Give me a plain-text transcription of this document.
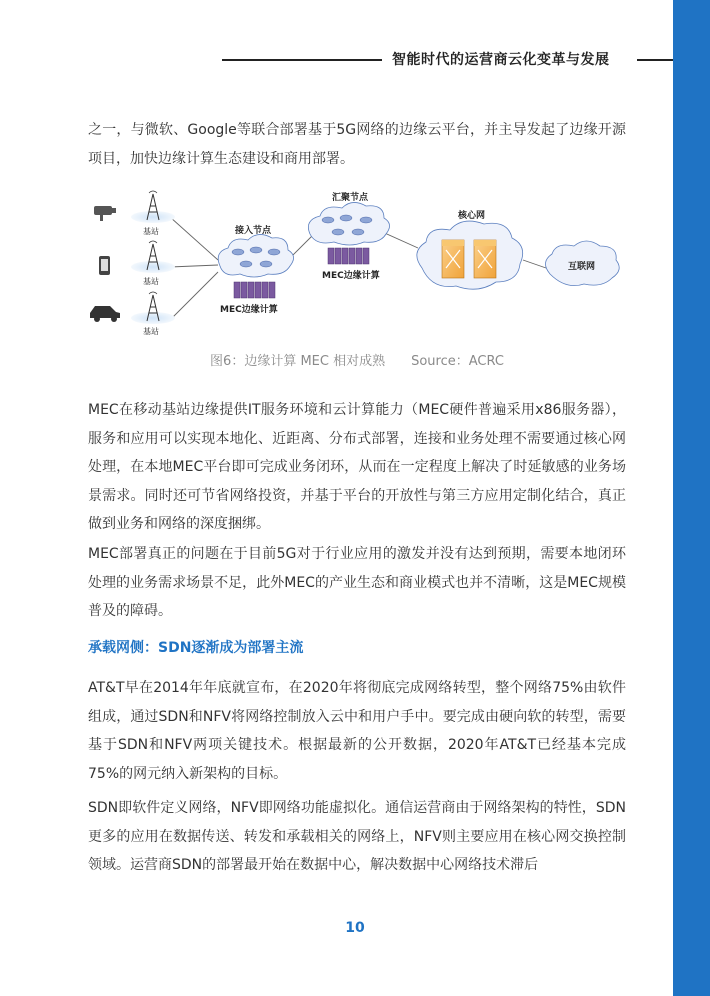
智能时代的运营商云化变革与发展

之一，与微软、Google等联合部署基于5G网络的边缘云平台，并主导发起了边缘开源项目，加快边缘计算生态建设和商用部署。

基站
基站
基站
接入节点
MEC边缘计算
汇聚节点
MEC边缘计算
核心网
互联网
图6：边缘计算 MEC 相对成熟 Source：ACRC

MEC在移动基站边缘提供IT服务环境和云计算能力（MEC硬件普遍采用x86服务器），服务和应用可以实现本地化、近距离、分布式部署，连接和业务处理不需要通过核心网处理，在本地MEC平台即可完成业务闭环，从而在一定程度上解决了时延敏感的业务场景需求。同时还可节省网络投资，并基于平台的开放性与第三方应用定制化结合，真正做到业务和网络的深度捆绑。

MEC部署真正的问题在于目前5G对于行业应用的激发并没有达到预期，需要本地闭环处理的业务需求场景不足，此外MEC的产业生态和商业模式也并不清晰，这是MEC规模普及的障碍。

承载网侧：SDN逐渐成为部署主流

AT&T早在2014年年底就宣布，在2020年将彻底完成网络转型，整个网络75%由软件组成，通过SDN和NFV将网络控制放入云中和用户手中。要完成由硬向软的转型，需要基于SDN和NFV两项关键技术。根据最新的公开数据，2020年AT&T已经基本完成75%的网元纳入新架构的目标。

SDN即软件定义网络，NFV即网络功能虚拟化。通信运营商由于网络架构的特性，SDN更多的应用在数据传送、转发和承载相关的网络上，NFV则主要应用在核心网交换控制领域。运营商SDN的部署最开始在数据中心，解决数据中心网络技术滞后

10
